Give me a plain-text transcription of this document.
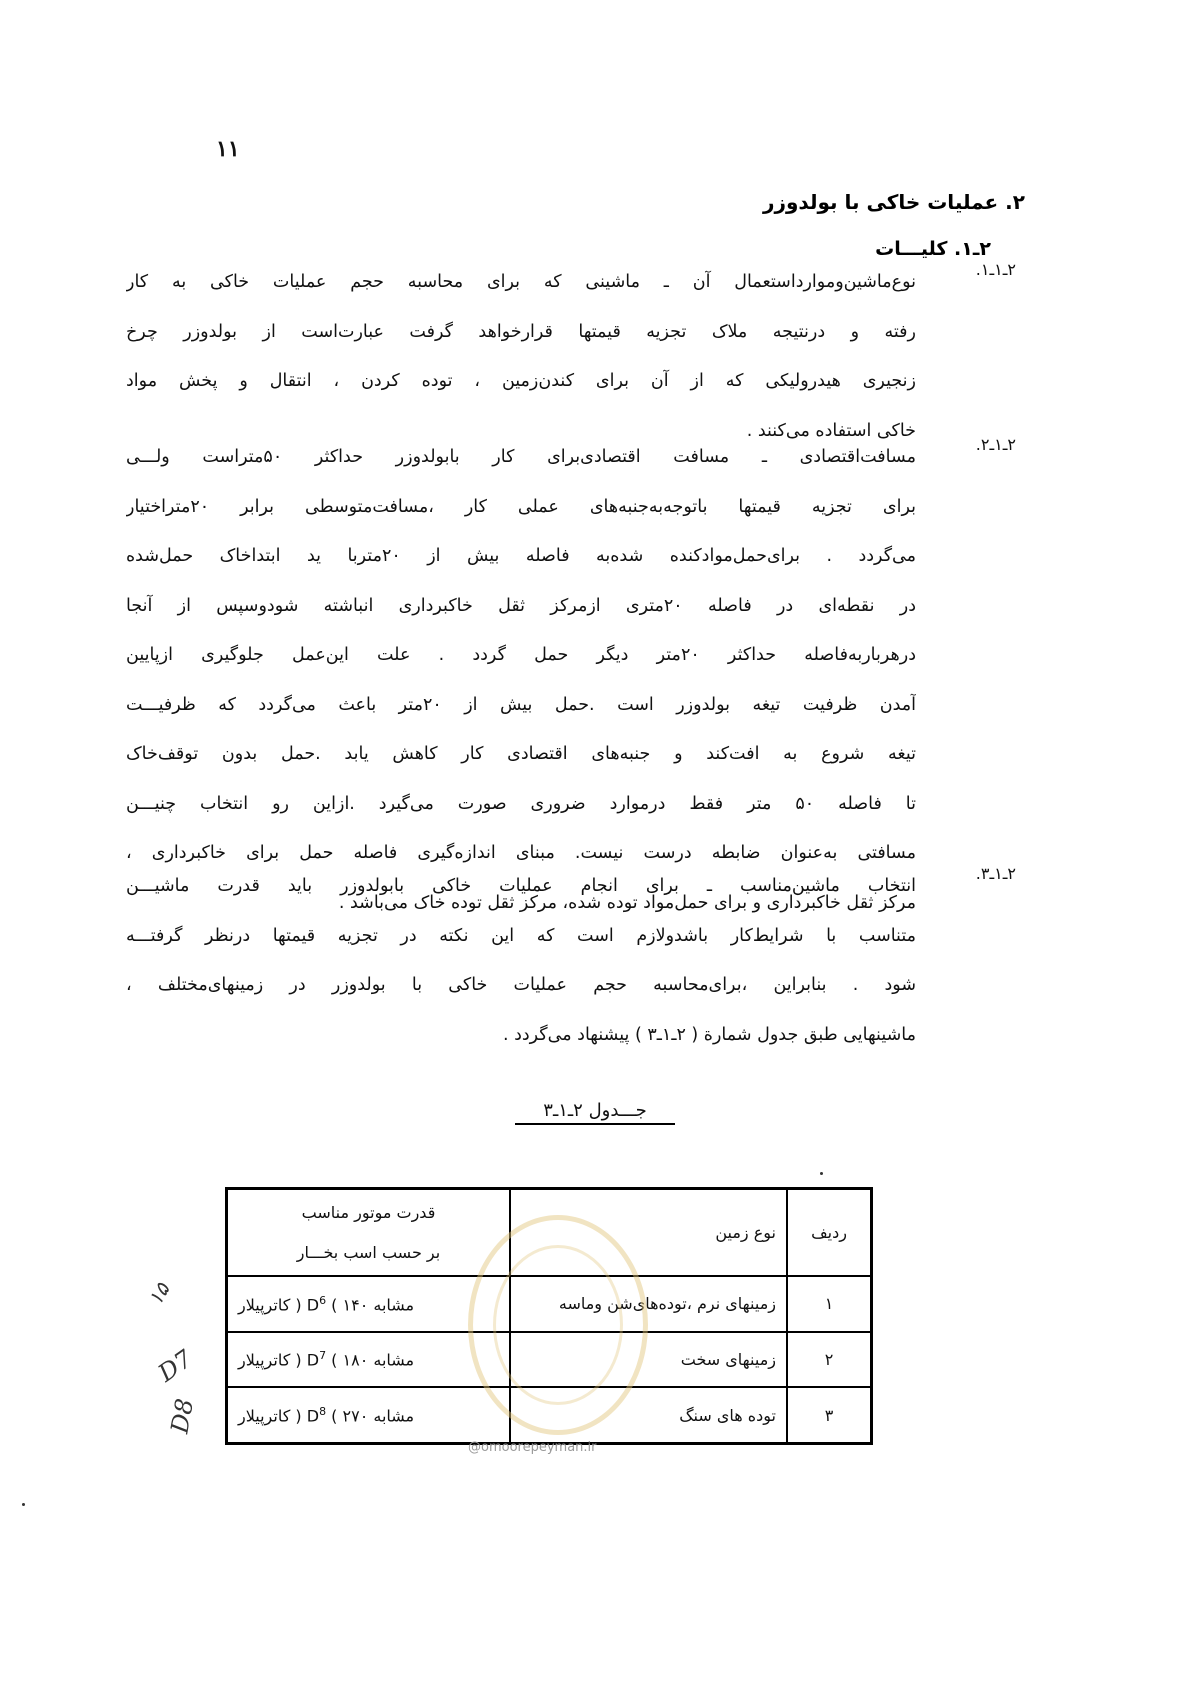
۱۱
۲. عملیات خاکی با بولدوزر
۲ـ۱. کلیـــات
۲ـ۱ـ۱.
نوع‌ماشین‌وموارداستعمال آن ـ ماشینی که برای محاسبه حجم عملیات خاکی به کار
رفته و درنتیجه ملاک تجزیه قیمتها قرارخواهد گرفت عبارت‌است از بولدوزر چرخ
زنجیری هیدرولیکی که از آن برای کندن‌زمین ، توده کردن ، انتقال و پخش مواد
خاکی استفاده می‌کنند .
۲ـ۱ـ۲.
مسافت‌اقتصادی ـ مسافت اقتصادی‌برای کار بابولدوزر حداکثر ۵۰متراست ولـــی
برای تجزیه قیمتها باتوجه‌به‌جنبه‌های عملی کار ،مسافت‌متوسطی برابر ۲۰متراختیار
می‌گردد . برای‌حمل‌موادکنده شده‌به فاصله بیش از ۲۰متربا ید ابتداخاک حمل‌شده
در نقطه‌ای در فاصله ۲۰متری ازمرکز ثقل خاکبرداری انباشته شودوسپس از آنجا
درهربار‌به‌فاصله حداکثر ۲۰متر دیگر حمل گردد . علت این‌عمل جلوگیری ازپایین
آمدن ظرفیت تیغه بولدوزر است .حمل بیش از ۲۰متر باعث می‌گردد که ظرفیـــت
تیغه شروع به افت‌کند و جنبه‌های اقتصادی کار کاهش یابد .حمل بدون توقف‌خاک
تا فاصله ۵۰ متر فقط درموارد ضروری صورت می‌گیرد .ازاین رو انتخاب چنیـــن
مسافتی به‌عنوان ضابطه درست نیست. مبنای اندازه‌گیری فاصله حمل برای خاکبرداری ،
مرکز ثقل خاکبرداری و برای حمل‌مواد توده شده‌، مرکز ثقل توده خاک می‌باشد .
۲ـ۱ـ۳.
انتخاب ماشین‌مناسب ـ برای انجام عملیات خاکی بابولدوزر باید قدرت ماشیـــن
متناسب با شرایط‌کار باشدولازم است که این نکته در تجزیه قیمتها درنظر گرفتـــه
شود . بنابراین ،برای‌محاسبه حجم عملیات خاکی با بولدوزر در زمینهای‌مختلف ،
ماشینهایی طبق جدول شمارة ( ۲ـ۱ـ۳ ) پیشنهاد می‌گردد .
جـــدول ۲ـ۱ـ۳
ردیف	نوع زمین	قدرت موتور مناسب
بر حسب اسب بخـــار

۱	زمینهای نرم ،توده‌های‌شن وماسه	کاترپیلار ) $D^6$ ( مشابه ۱۴۰

۲	زمینهای سخت	کاترپیلار ) $D^7$ ( مشابه ۱۸۰

۳	توده های سنگ	کاترپیلار ) $D^8$ ( مشابه ۲۷۰
@omoorepeyman.ir
۱۵
D7
D8
